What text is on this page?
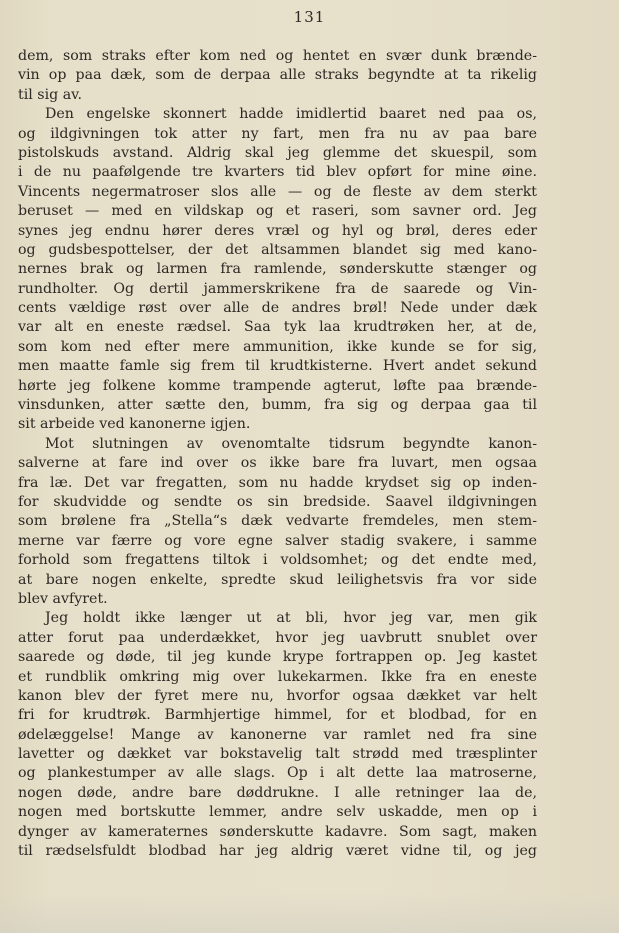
131
dem, som straks efter kom ned og hentet en svær dunk brænde-
vin op paa dæk, som de derpaa alle straks begyndte at ta rikelig
til sig av.
Den engelske skonnert hadde imidlertid baaret ned paa os,
og ildgivningen tok atter ny fart, men fra nu av paa bare
pistolskuds avstand. Aldrig skal jeg glemme det skuespil, som
i de nu paafølgende tre kvarters tid blev opført for mine øine.
Vincents negermatroser slos alle — og de fleste av dem sterkt
beruset — med en vildskap og et raseri, som savner ord. Jeg
synes jeg endnu hører deres vræl og hyl og brøl, deres eder
og gudsbespottelser, der det altsammen blandet sig med kano-
nernes brak og larmen fra ramlende, sønderskutte stænger og
rundholter. Og dertil jammerskrikene fra de saarede og Vin-
cents vældige røst over alle de andres brøl! Nede under dæk
var alt en eneste rædsel. Saa tyk laa krudtrøken her, at de,
som kom ned efter mere ammunition, ikke kunde se for sig,
men maatte famle sig frem til krudtkisterne. Hvert andet sekund
hørte jeg folkene komme trampende agterut, løfte paa brænde-
vinsdunken, atter sætte den, bumm, fra sig og derpaa gaa til
sit arbeide ved kanonerne igjen.
Mot slutningen av ovenomtalte tidsrum begyndte kanon-
salverne at fare ind over os ikke bare fra luvart, men ogsaa
fra læ. Det var fregatten, som nu hadde krydset sig op inden-
for skudvidde og sendte os sin bredside. Saavel ildgivningen
som brølene fra „Stella“s dæk vedvarte fremdeles, men stem-
merne var færre og vore egne salver stadig svakere, i samme
forhold som fregattens tiltok i voldsomhet; og det endte med,
at bare nogen enkelte, spredte skud leilighetsvis fra vor side
blev avfyret.
Jeg holdt ikke længer ut at bli, hvor jeg var, men gik
atter forut paa underdækket, hvor jeg uavbrutt snublet over
saarede og døde, til jeg kunde krype fortrappen op. Jeg kastet
et rundblik omkring mig over lukekarmen. Ikke fra en eneste
kanon blev der fyret mere nu, hvorfor ogsaa dækket var helt
fri for krudtrøk. Barmhjertige himmel, for et blodbad, for en
ødelæggelse! Mange av kanonerne var ramlet ned fra sine
lavetter og dækket var bokstavelig talt strødd med træsplinter
og plankestumper av alle slags. Op i alt dette laa matroserne,
nogen døde, andre bare døddrukne. I alle retninger laa de,
nogen med bortskutte lemmer, andre selv uskadde, men op i
dynger av kameraternes sønderskutte kadavre. Som sagt, maken
til rædselsfuldt blodbad har jeg aldrig været vidne til, og jeg
